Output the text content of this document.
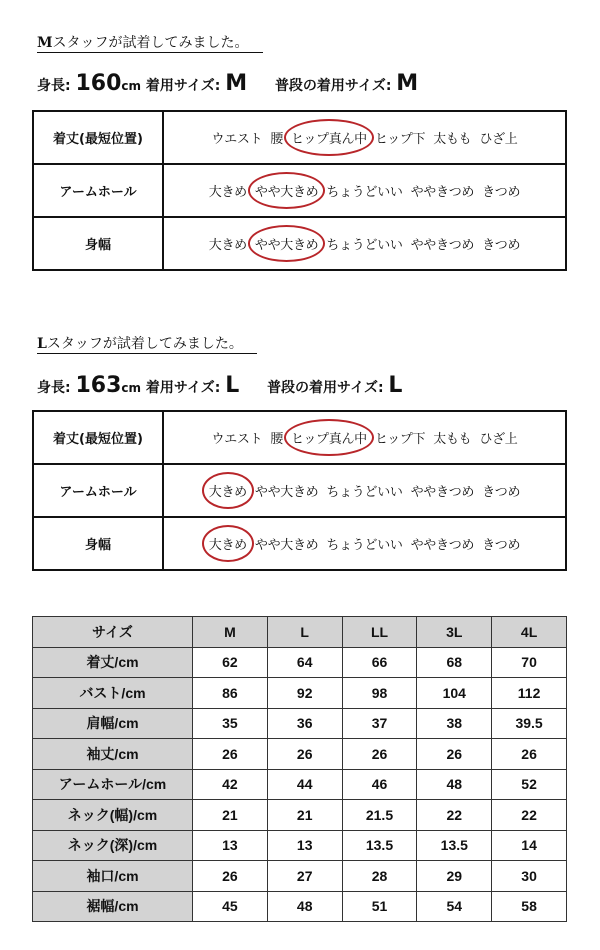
Mスタッフが試着してみました。
身長: 160cm 着用サイズ: M 普段の着用サイズ: M
着丈(最短位置)	ウエスト 腰 ヒップ真ん中 ヒップ下 太もも ひざ上
アームホール	大きめ やや大きめ ちょうどいい ややきつめ きつめ
身幅	大きめ やや大きめ ちょうどいい ややきつめ きつめ
Lスタッフが試着してみました。
身長: 163cm 着用サイズ: L 普段の着用サイズ: L
着丈(最短位置)	ウエスト 腰 ヒップ真ん中 ヒップ下 太もも ひざ上
アームホール	大きめ やや大きめ ちょうどいい ややきつめ きつめ
身幅	大きめ やや大きめ ちょうどいい ややきつめ きつめ
サイズ	M	L	LL	3L	4L
着丈/cm	62	64	66	68	70
バスト/cm	86	92	98	104	112
肩幅/cm	35	36	37	38	39.5
袖丈/cm	26	26	26	26	26
アームホール/cm	42	44	46	48	52
ネック(幅)/cm	21	21	21.5	22	22
ネック(深)/cm	13	13	13.5	13.5	14
袖口/cm	26	27	28	29	30
裾幅/cm	45	48	51	54	58
